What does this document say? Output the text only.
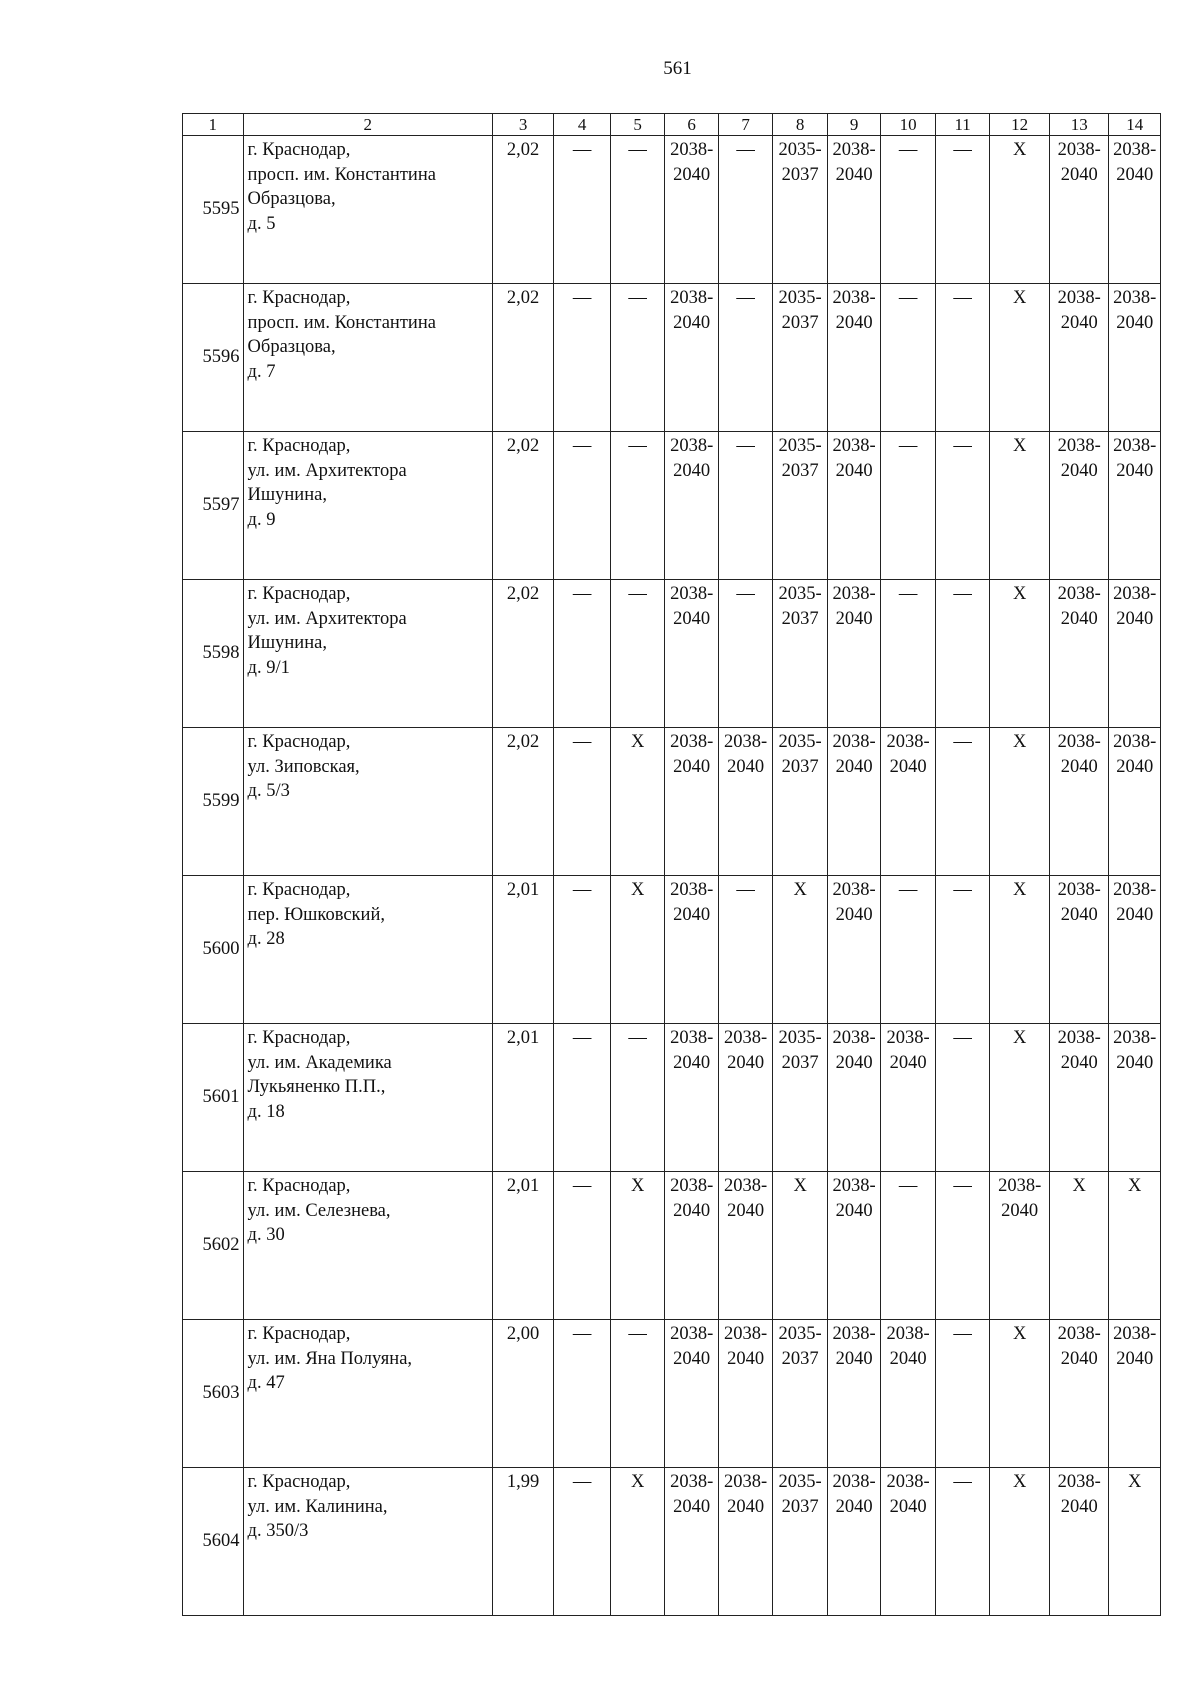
561
1	2	3	4	5	6	7	8	9	10	11	12	13	14
5595	г. Краснодар,
просп. им. Константина
Образцова,
д. 5	2,02	—	—	2038-
2040	—	2035-
2037	2038-
2040	—	—	X	2038-
2040	2038-
2040

5596	г. Краснодар,
просп. им. Константина
Образцова,
д. 7	2,02	—	—	2038-
2040	—	2035-
2037	2038-
2040	—	—	X	2038-
2040	2038-
2040

5597	г. Краснодар,
ул. им. Архитектора
Ишунина,
д. 9	2,02	—	—	2038-
2040	—	2035-
2037	2038-
2040	—	—	X	2038-
2040	2038-
2040

5598	г. Краснодар,
ул. им. Архитектора
Ишунина,
д. 9/1	2,02	—	—	2038-
2040	—	2035-
2037	2038-
2040	—	—	X	2038-
2040	2038-
2040

5599	г. Краснодар,
ул. Зиповская,
д. 5/3	2,02	—	X	2038-
2040	2038-
2040	2035-
2037	2038-
2040	2038-
2040	—	X	2038-
2040	2038-
2040

5600	г. Краснодар,
пер. Юшковский,
д. 28	2,01	—	X	2038-
2040	—	X	2038-
2040	—	—	X	2038-
2040	2038-
2040

5601	г. Краснодар,
ул. им. Академика
Лукьяненко П.П.,
д. 18	2,01	—	—	2038-
2040	2038-
2040	2035-
2037	2038-
2040	2038-
2040	—	X	2038-
2040	2038-
2040

5602	г. Краснодар,
ул. им. Селезнева,
д. 30	2,01	—	X	2038-
2040	2038-
2040	X	2038-
2040	—	—	2038-
2040	X	X

5603	г. Краснодар,
ул. им. Яна Полуяна,
д. 47	2,00	—	—	2038-
2040	2038-
2040	2035-
2037	2038-
2040	2038-
2040	—	X	2038-
2040	2038-
2040

5604	г. Краснодар,
ул. им. Калинина,
д. 350/3	1,99	—	X	2038-
2040	2038-
2040	2035-
2037	2038-
2040	2038-
2040	—	X	2038-
2040	X
